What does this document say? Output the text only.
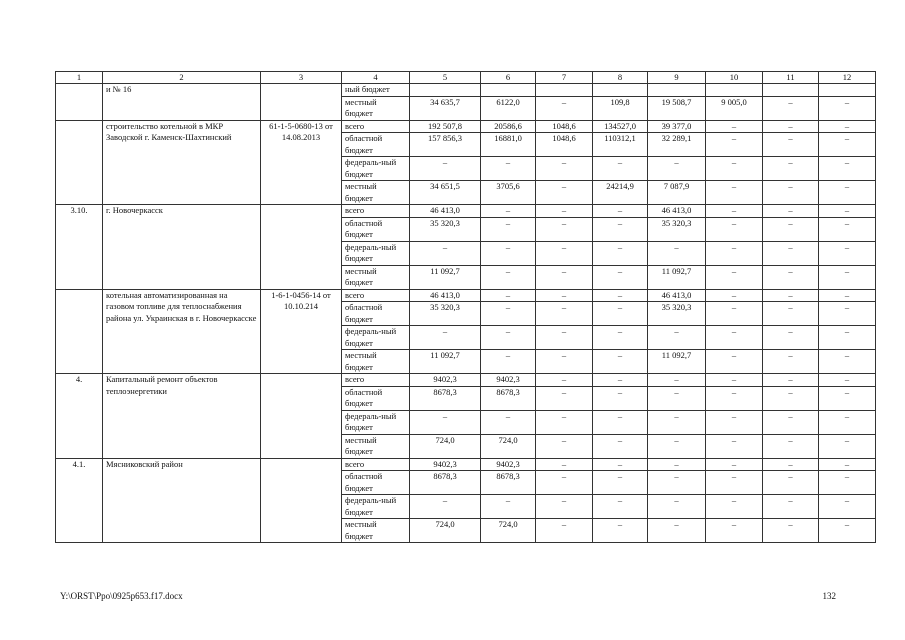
1	2	3	4	5	6	7	8	9	10	11	12
	и № 16		ный бюджет								
			местный бюджет	34 635,7	6122,0	–	109,8	19 508,7	9 005,0	–	–
	строительство котельной в МКР Заводской г. Каменск-Шахтинский	61-1-5-0680-13 от 14.08.2013	всего	192 507,8	20586,6	1048,6	134527,0	39 377,0	–	–	–
			областной бюджет	157 856,3	16881,0	1048,6	110312,1	32 289,1	–	–	–
			федераль-ный бюджет	–	–	–	–	–	–	–	–
			местный бюджет	34 651,5	3705,6	–	24214,9	7 087,9	–	–	–
3.10.	г. Новочеркасск		всего	46 413,0	–	–	–	46 413,0	–	–	–
			областной бюджет	35 320,3	–	–	–	35 320,3	–	–	–
			федераль-ный бюджет	–	–	–	–	–	–	–	–
			местный бюджет	11 092,7	–	–	–	11 092,7	–	–	–
	котельная автоматизированная на газовом топливе для теплоснабжения района ул. Украинская в г. Новочеркасске	1-6-1-0456-14 от 10.10.214	всего	46 413,0	–	–	–	46 413,0	–	–	–
			областной бюджет	35 320,3	–	–	–	35 320,3	–	–	–
			федераль-ный бюджет	–	–	–	–	–	–	–	–
			местный бюджет	11 092,7	–	–	–	11 092,7	–	–	–
4.	Капитальный ремонт объектов теплоэнергетики		всего	9402,3	9402,3	–	–	–	–	–	–
			областной бюджет	8678,3	8678,3	–	–	–	–	–	–
			федераль-ный бюджет	–	–	–	–	–	–	–	–
			местный бюджет	724,0	724,0	–	–	–	–	–	–
4.1.	Мясниковский район		всего	9402,3	9402,3	–	–	–	–	–	–
			областной бюджет	8678,3	8678,3	–	–	–	–	–	–
			федераль-ный бюджет	–	–	–	–	–	–	–	–
			местный бюджет	724,0	724,0	–	–	–	–	–	–
Y:\ORST\Ppo\0925p653.f17.docx	132
